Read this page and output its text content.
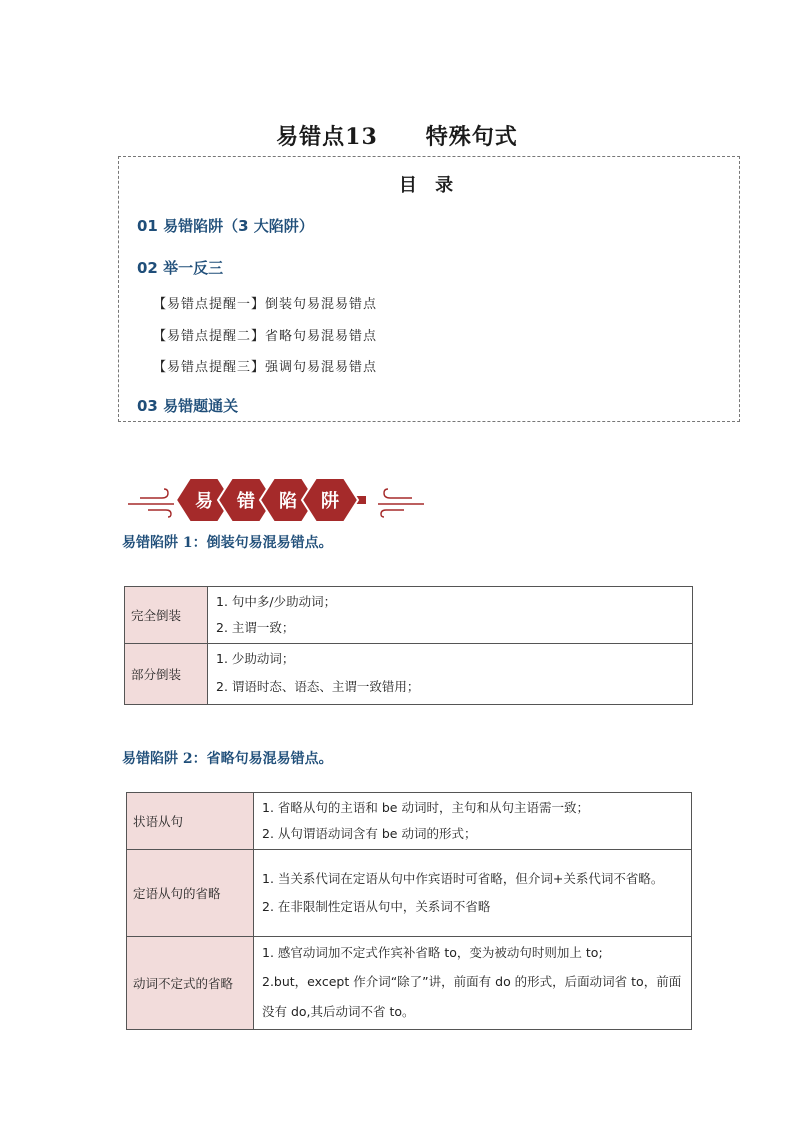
易错点13 特殊句式
目 录
01 易错陷阱（3 大陷阱）
02 举一反三
【易错点提醒一】倒装句易混易错点
【易错点提醒二】省略句易混易错点
【易错点提醒三】强调句易混易错点
03 易错题通关
易 错 陷 阱
易错陷阱 1：倒装句易混易错点。
完全倒装	1. 句中多/少助动词；
2. 主谓一致；

部分倒装	1. 少助动词；
2. 谓语时态、语态、主谓一致错用；
易错陷阱 2：省略句易混易错点。
状语从句	1. 省略从句的主语和 be 动词时，主句和从句主语需一致；
2. 从句谓语动词含有 be 动词的形式；

定语从句的省略	1. 当关系代词在定语从句中作宾语时可省略，但介词+关系代词不省略。
2. 在非限制性定语从句中，关系词不省略

动词不定式的省略	1. 感官动词加不定式作宾补省略 to，变为被动句时则加上 to;
2.but，except 作介词“除了”讲，前面有 do 的形式，后面动词省 to，前面没有 do,其后动词不省 to。
